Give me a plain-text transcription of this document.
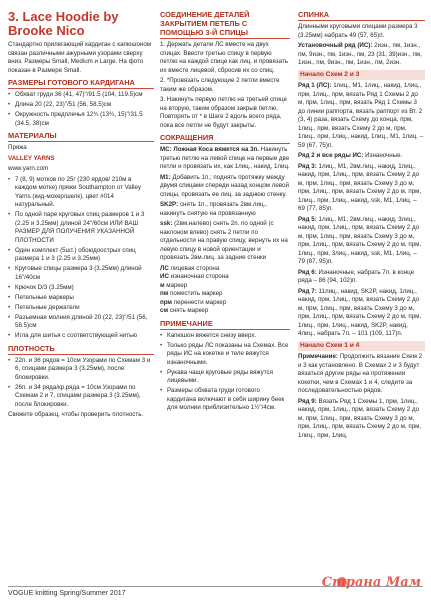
3. Lace Hoodie by Brooke Nico

Стандартно прилегающий кардиган с капюшоном связан различными ажурными узорами сверху вниз. Размеры Small, Medium и Large. На фото показан в Размере Small.

РАЗМЕРЫ ГОТОВОГО КАРДИГАНА
• Обхват груди 36 (41, 47)"/91.5 (104, 119.5)см
• Длина 20 (22, 23)"/51 (56, 58.5)см
• Окружность предплечья 12¾ (13¾, 15)"/31.5 (34.5, 38)см
МАТЕРИАЛЫ

Пряжа

VALLEY YARNS

www.yarn.com

• 7 (8, 9) мотков по 25г (230 ярдов/ 210м в каждом мотке) пряжи Southampton от Valley Yarns (кид-мохер/шелк), цвет #014 натуральный.
• По одной паре круговых спиц размеров 1 и 3 (2.25 и 3.25мм) длиной 24"/60см ИЛИ ВАШ РАЗМЕР ДЛЯ ПОЛУЧЕНИЯ УКАЗАННОЙ ПЛОТНОСТИ
• Один комплект (5шт.) обоюдоострых спиц размера 1 и 3 (2.25 и 3.25мм)
• Круговые спицы размера 3 (3.25мм) длиной 16"/40см
• Крючок D/3 (3.25мм)
• Петельные маркеры
• Петельные держатели
• Разъемная молния длиной 20 (22, 23)"/51 (56, 58.5)см
• Игла для шитья с соответствующей нитью
ПЛОТНОСТЬ
• 22п. и 36 рядов = 10см Узорами по Схемам 3 и 6, спицами размера 3 (3.25мм), после блокировки.
• 26п. и 34 ряда/кр.ряда = 10см Узорами по Схемам 2 и 7, спицами размера 3 (3.25мм), после блокировки.

Свяжите образец, чтобы проверить плотность.

СОЕДИНЕНИЕ ДЕТАЛЕЙ ЗАКРЫТИЕМ ПЕТЕЛЬ С ПОМОЩЬЮ 3-Й СПИЦЫ

1. Держать детали ЛС вместе на двух спицах. Ввести третью спицу в первую петлю на каждой спице как лиц. и провязать их вместе лицевой, сбросив их со спиц.

2. *Провязать следующие 2 петли вместе таким же образом.

3. Накинуть первую петлю на третьей спице на вторую, таким образом закрыв петлю. Повторять от * в Шаге 2 вдоль всего ряда, пока все петли не будут закрыты.

СОКРАЩЕНИЯ

МС: Ложная Коса вяжется на 3п. Накинуть третью петлю на левой спице на первые две петли и провязать их, как 1лиц., накид, 1лиц.

M1: Добавить 1п.; поднять протяжку между двумя спицами спереди назад концом левой спицы, провязать ее лиц. за заднюю стенку.

SK2P: снять 1п., провязать 2вм.лиц., накинуть снятую на провязанную

ssk: (2вм.налево) снять 2п. по одной (с наклоном влево) снять 2 петли по отдельности на правую спицу, вернуть их на левую спицу в новой ориентации и провязать 2вм.лиц. за задние стенки

ЛС лицевая сторона

ИС изнаночная сторона

м маркер

пм поместить маркер

прм перенести маркер

см снять маркер

ПРИМЕЧАНИЕ
• Капюшон вяжется снизу вверх.
• Только ряды ЛС показаны на Схемах. Все ряды ИС на кокетке и теле вяжутся изнаночными.
• Рукава чаще круговые ряды вяжутся лицевыми.
• Размеры обхвата груди готового кардигана включают в себя ширину беек для молнии приблизительно 1½"/4см.
СПИНКА

Длинными круговыми спицами размера 3 (3.25мм) набрать 49 (57, 65)п.

Установочный ряд (ИС): 2изн., пм, 1изн., пм, 9изн., пм, 1изн., пм, 23 (31, 39)изн., пм, 1изн., пм, 9изн., пм, 1изн., пм, 2изн.

Начало Схем 2 и 3

Ряд 1 (ЛС): 1лиц., M1, 1лиц., накид, 1лиц., прм, 1лиц., прм, вязать Ряд 1 Схемы 2 до м, прм, 1лиц., прм, вязать Ряд 1 Схемы 3 до линии раппорта, вязать раппорт из Вт. 2 (3, 4) раза, вязать Схему до конца, прм, 1лиц., прм, вязать Схему 2 до м, прм, 1лиц., прм, 1лиц., накид, 1лиц., M1, 1лиц. – 59 (67, 75)п.

Ряд 2 и все ряды ИС: Изнаночные.

Ряд 3: 1лиц., M1, 2вм.лиц., накид, 1лиц., накид, прм, 1лиц., прм, вязать Схему 2 до м, прм, 1лиц., прм, вязать Схему 3 до м, прм, 1лиц., прм, вязать Схему 2 до м, прм, 1лиц., прм, 1лиц., накид, ssk, M1, 1лиц. – 69 (77, 85)п.

Ряд 5: 1лиц., M1, 2вм.лиц., накид, 3лиц., накид, прм, 1лиц., прм, вязать Схему 2 до м, прм, 1лиц., прм, вязать Схему 3 до м, прм, 1лиц., прм, вязать Схему 2 до м, прм, 1лиц., прм, 3лиц., накид, ssk, M1, 1лиц. – 79 (87, 95)п.

Ряд 6: Изнаночные, набрать 7п. в конце ряда – 86 (94, 102)п.

Ряд 7: 11лиц., накид, SK2P, накид, 1лиц., накид, прм, 1лиц., прм, вязать Схему 2 до м, прм, 1лиц., прм, вязать Схему 3 до м, прм, 1лиц., прм, вязать Схему 2 до м, прм, 1лиц., прм, 1лиц., накид, SK2P, накид, 4лиц., набрать 7п. – 101 (109, 117)п.

Начало Схем 1 и 4

Примечание: Продолжить вязание Схем 2 и 3 как установлено. В Схемах 2 и 3 будут вязаться другие ряды на протяжении кокетки, чем в Схемах 1 и 4, следите за последовательностью рядов.

Ряд 9: Вязать Ряд 1 Схемы 1, прм, 1лиц., накид, прм, 1лиц., прм, вязать Схему 2 до м, прм, 1лиц., прм, вязать Схему 3 до м, прм, 1лиц., прм, вязать Схему 2 до м, прм, 1лиц., прм, 1лиц.

VOGUE knitting Spring/Summer 2017
Страна Мам
